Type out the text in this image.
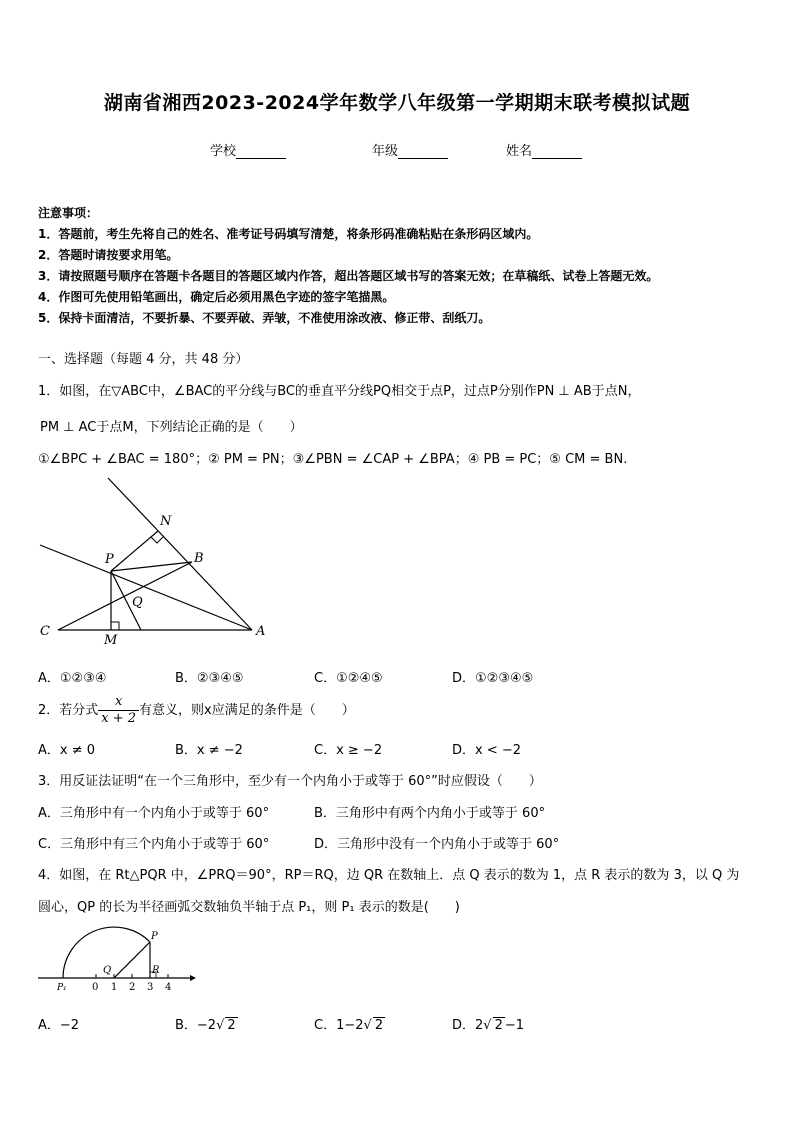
湖南省湘西2023-2024学年数学八年级第一学期期末联考模拟试题
学校	年级	姓名
注意事项：
1．答题前，考生先将自己的姓名、准考证号码填写清楚，将条形码准确粘贴在条形码区域内。
2．答题时请按要求用笔。
3．请按照题号顺序在答题卡各题目的答题区域内作答，超出答题区域书写的答案无效；在草稿纸、试卷上答题无效。
4．作图可先使用铅笔画出，确定后必须用黑色字迹的签字笔描黑。
5．保持卡面清洁，不要折暴、不要弄破、弄皱，不准使用涂改液、修正带、刮纸刀。
一、选择题（每题 4 分，共 48 分）
1．如图，在▽ABC中，∠BAC的平分线与BC的垂直平分线PQ相交于点P，过点P分别作PN ⊥ AB于点N，
PM ⊥ AC于点M，下列结论正确的是（　　）
①∠BPC + ∠BAC = 180°；② PM = PN；③∠PBN = ∠CAP + ∠BPA；④ PB = PC；⑤ CM = BN.
N
P	B
Q
C
M
A
A．①②③④	B．②③④⑤	C．①②④⑤	D．①②③④⑤
2．若分式 $\frac{x}{x + 2}$ 有意义，则x应满足的条件是（　　）
A．x ≠ 0	B．x ≠ −2	C．x ≥ −2	D．x < −2
3．用反证法证明“在一个三角形中，至少有一个内角小于或等于 60°”时应假设（　　）
A．三角形中有一个内角小于或等于 60°	B．三角形中有两个内角小于或等于 60°
C．三角形中有三个内角小于或等于 60°	D．三角形中没有一个内角小于或等于 60°
4．如图，在 Rt△PQR 中，∠PRQ＝90°，RP＝RQ，边 QR 在数轴上．点 Q 表示的数为 1，点 R 表示的数为 3，以 Q 为
圆心，QP 的长为半径画弧交数轴负半轴于点 P₁，则 P₁ 表示的数是(　　)
P
Q	R
P₁	0 1 2 3 4
A．−2	B．−2√ 2	C．1−2√ 2	D．2√ 2 −1
